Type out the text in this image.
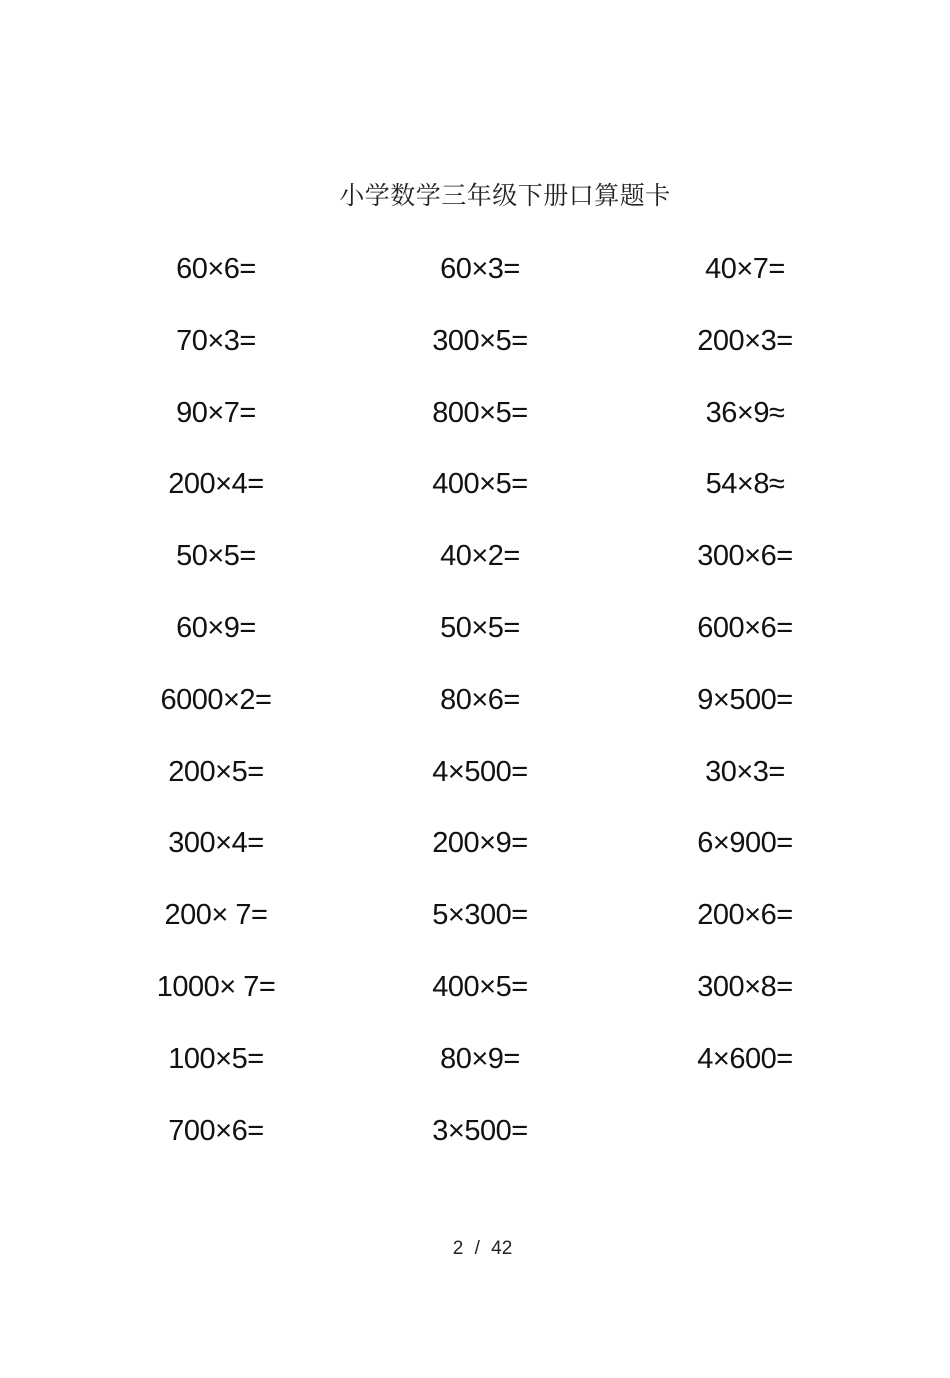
小学数学三年级下册口算题卡
60×6=	60×3=	40×7=
70×3=	300×5=	200×3=
90×7=	800×5=	36×9≈
200×4=	400×5=	54×8≈
50×5=	40×2=	300×6=
60×9=	50×5=	600×6=
6000×2=	80×6=	9×500=
200×5=	4×500=	30×3=
300×4=	200×9=	6×900=
200× 7=	5×300=	200×6=
1000× 7=	400×5=	300×8=
100×5=	80×9=	4×600=
700×6=	3×500=
2 / 42
